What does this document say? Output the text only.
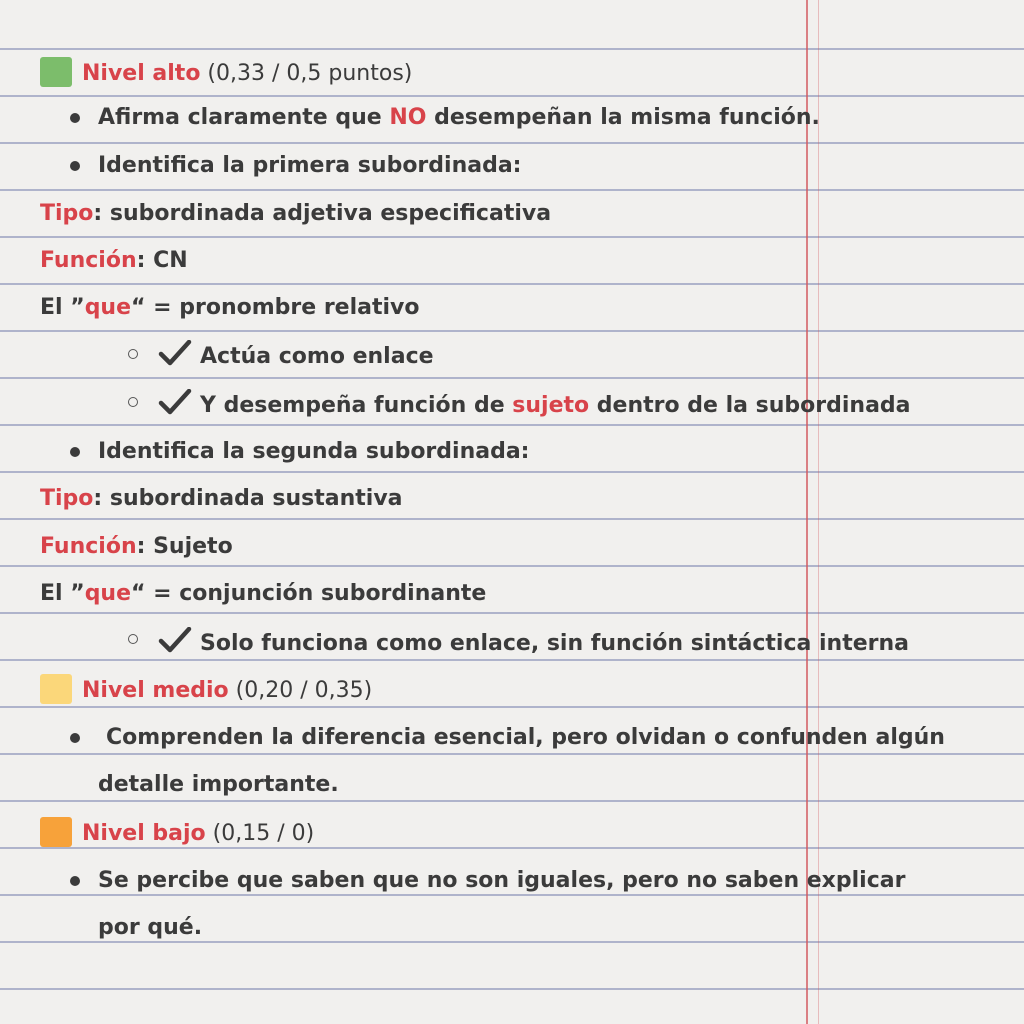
Nivel alto (0,33 / 0,5 puntos)
Afirma claramente que NO desempeñan la misma función.
Identifica la primera subordinada:
Tipo: subordinada adjetiva especificativa
Función: CN
El ”que“ = pronombre relativo
Actúa como enlace
Y desempeña función de sujeto dentro de la subordinada
Identifica la segunda subordinada:
Tipo: subordinada sustantiva
Función: Sujeto
El ”que“ = conjunción subordinante
Solo funciona como enlace, sin función sintáctica interna
Nivel medio (0,20 / 0,35)
Comprenden la diferencia esencial, pero olvidan o confunden algún
detalle importante.
Nivel bajo (0,15 / 0)
Se percibe que saben que no son iguales, pero no saben explicar
por qué.
